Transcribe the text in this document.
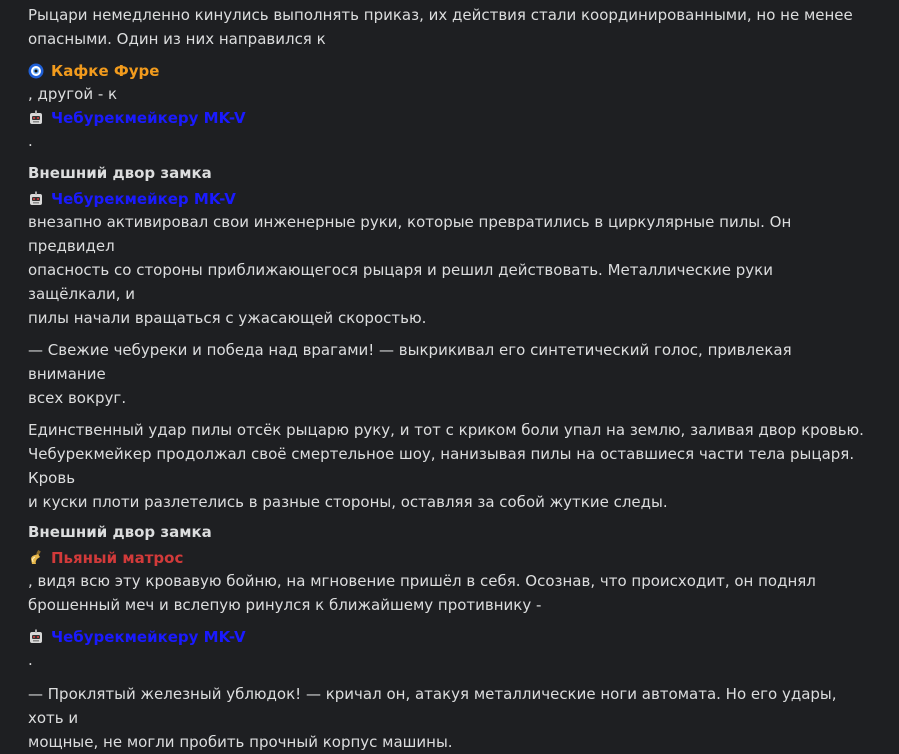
Рыцари немедленно кинулись выполнять приказ, их действия стали координированными, но не менее
опасными. Один из них направился к
Кафке Фуре
, другой - к
Чебурекмейкеру MK-V
.
Внешний двор замка
Чебурекмейкер MK-V
внезапно активировал свои инженерные руки, которые превратились в циркулярные пилы. Он предвидел
опасность со стороны приближающегося рыцаря и решил действовать. Металлические руки защёлкали, и
пилы начали вращаться с ужасающей скоростью.
— Свежие чебуреки и победа над врагами! — выкрикивал его синтетический голос, привлекая внимание
всех вокруг.
Единственный удар пилы отсёк рыцарю руку, и тот с криком боли упал на землю, заливая двор кровью.
Чебурекмейкер продолжал своё смертельное шоу, нанизывая пилы на оставшиеся части тела рыцаря. Кровь
и куски плоти разлетелись в разные стороны, оставляя за собой жуткие следы.
Внешний двор замка
Пьяный матрос
, видя всю эту кровавую бойню, на мгновение пришёл в себя. Осознав, что происходит, он поднял
брошенный меч и вслепую ринулся к ближайшему противнику -
Чебурекмейкеру MK-V
.
— Проклятый железный ублюдок! — кричал он, атакуя металлические ноги автомата. Но его удары, хоть и
мощные, не могли пробить прочный корпус машины.
